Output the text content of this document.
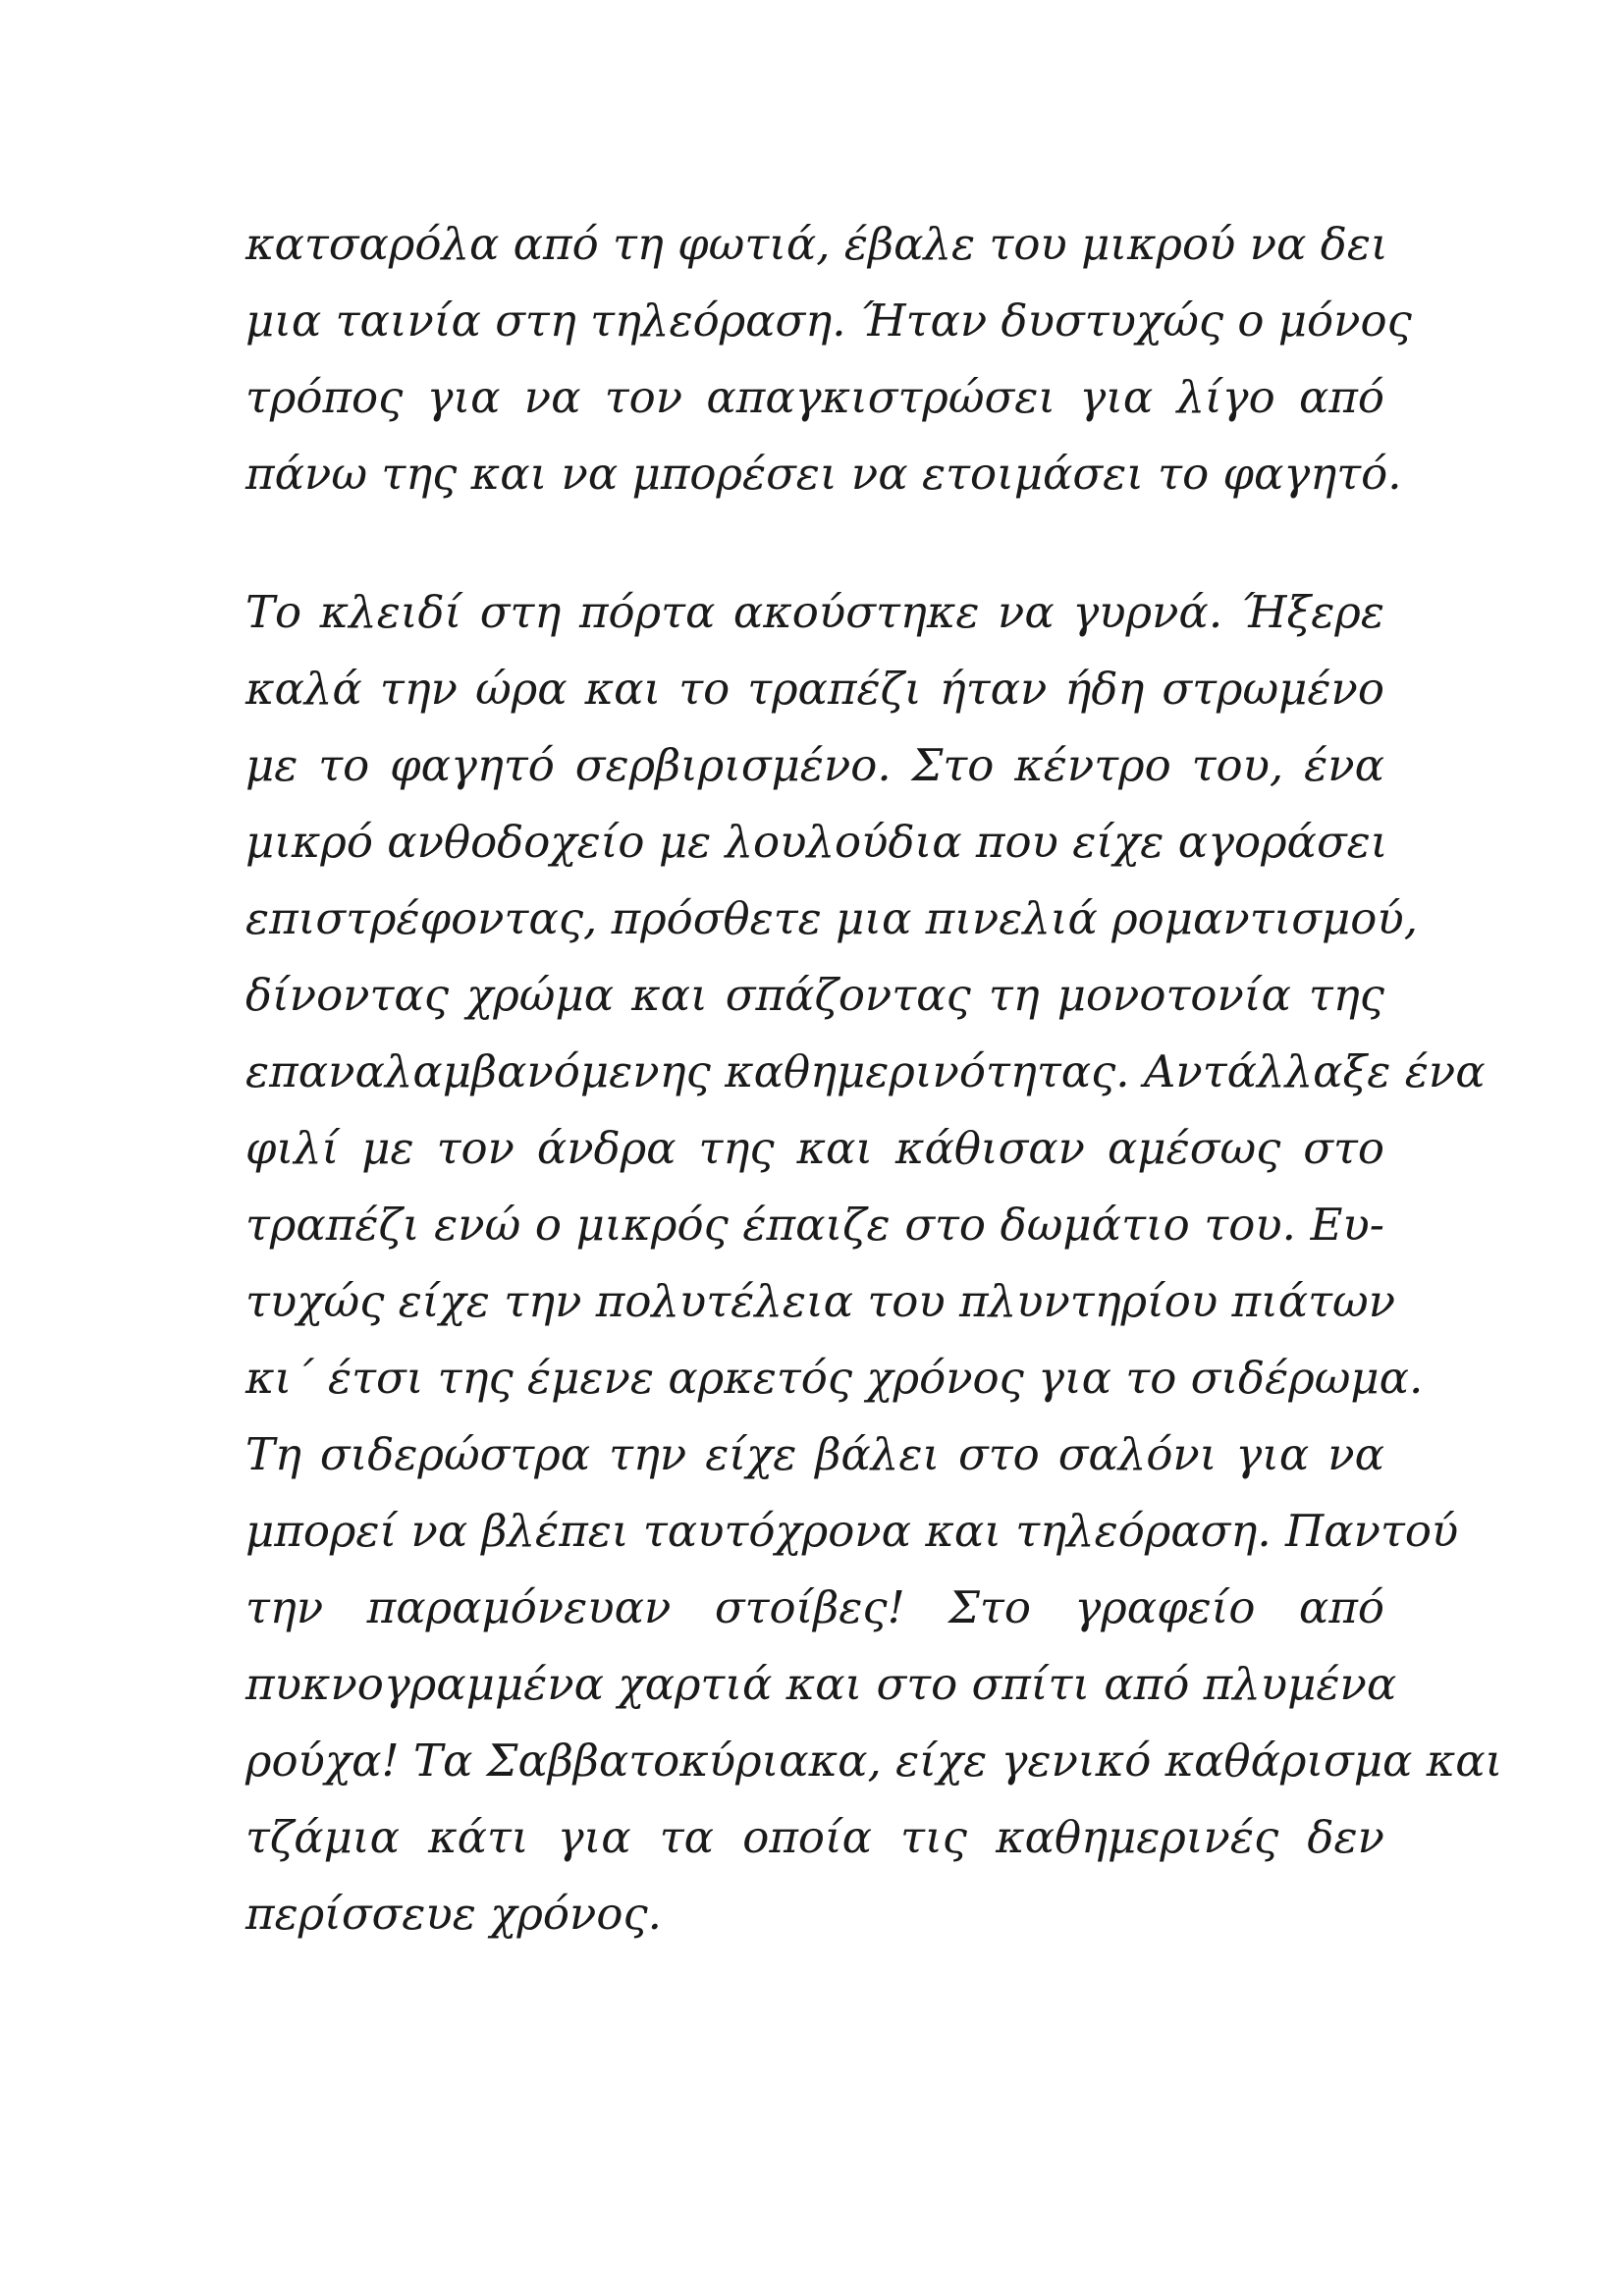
κατσαρόλα από τη φωτιά, έβαλε του μικρού να δει
μια ταινία στη τηλεόραση. Ήταν δυστυχώς ο μόνος
τρόπος για να τον απαγκιστρώσει για λίγο από
πάνω της και να μπορέσει να ετοιμάσει το φαγητό.
Το κλειδί στη πόρτα ακούστηκε να γυρνά. Ήξερε
καλά την ώρα και το τραπέζι ήταν ήδη στρωμένο
με το φαγητό σερβιρισμένο. Στο κέντρο του, ένα
μικρό ανθοδοχείο με λουλούδια που είχε αγοράσει
επιστρέφοντας, πρόσθετε μια πινελιά ρομαντισμού,
δίνοντας χρώμα και σπάζοντας τη μονοτονία της
επαναλαμβανόμενης καθημερινότητας. Αντάλλαξε ένα
φιλί με τον άνδρα της και κάθισαν αμέσως στο
τραπέζι ενώ ο μικρός έπαιζε στο δωμάτιο του. Ευ-
τυχώς είχε την πολυτέλεια του πλυντηρίου πιάτων
κι΄ έτσι της έμενε αρκετός χρόνος για το σιδέρωμα.
Τη σιδερώστρα την είχε βάλει στο σαλόνι για να
μπορεί να βλέπει ταυτόχρονα και τηλεόραση. Παντού
την παραμόνευαν στοίβες! Στο γραφείο από
πυκνογραμμένα χαρτιά και στο σπίτι από πλυμένα
ρούχα! Τα Σαββατοκύριακα, είχε γενικό καθάρισμα και
τζάμια κάτι για τα οποία τις καθημερινές δεν
περίσσευε χρόνος.
